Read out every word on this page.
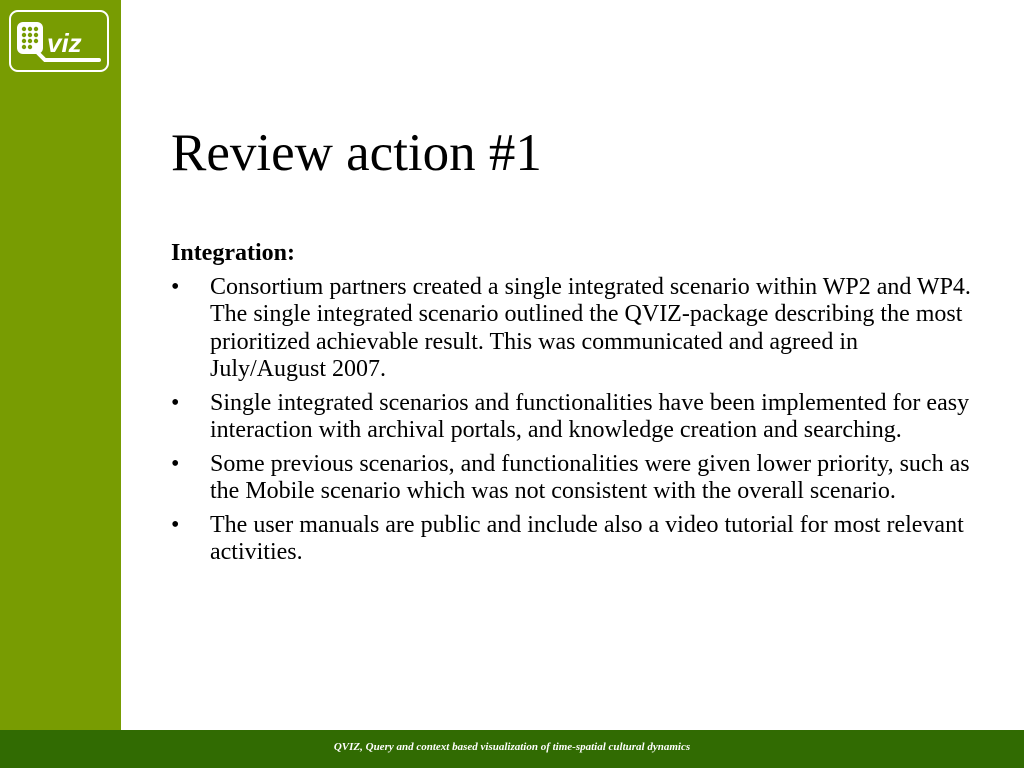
viz
Review action #1
Integration:
• Consortium partners created a single integrated scenario within WP2 and WP4. The single integrated scenario outlined the QVIZ-package describing the most prioritized achievable result. This was communicated and agreed in July/August 2007.
• Single integrated scenarios and functionalities have been implemented for easy interaction with archival portals, and knowledge creation and searching.
• Some previous scenarios, and functionalities were given lower priority, such as the Mobile scenario which was not consistent with the overall scenario.
• The user manuals are public and include also a video tutorial for most relevant activities.
QVIZ, Query and context based visualization of time-spatial cultural dynamics
